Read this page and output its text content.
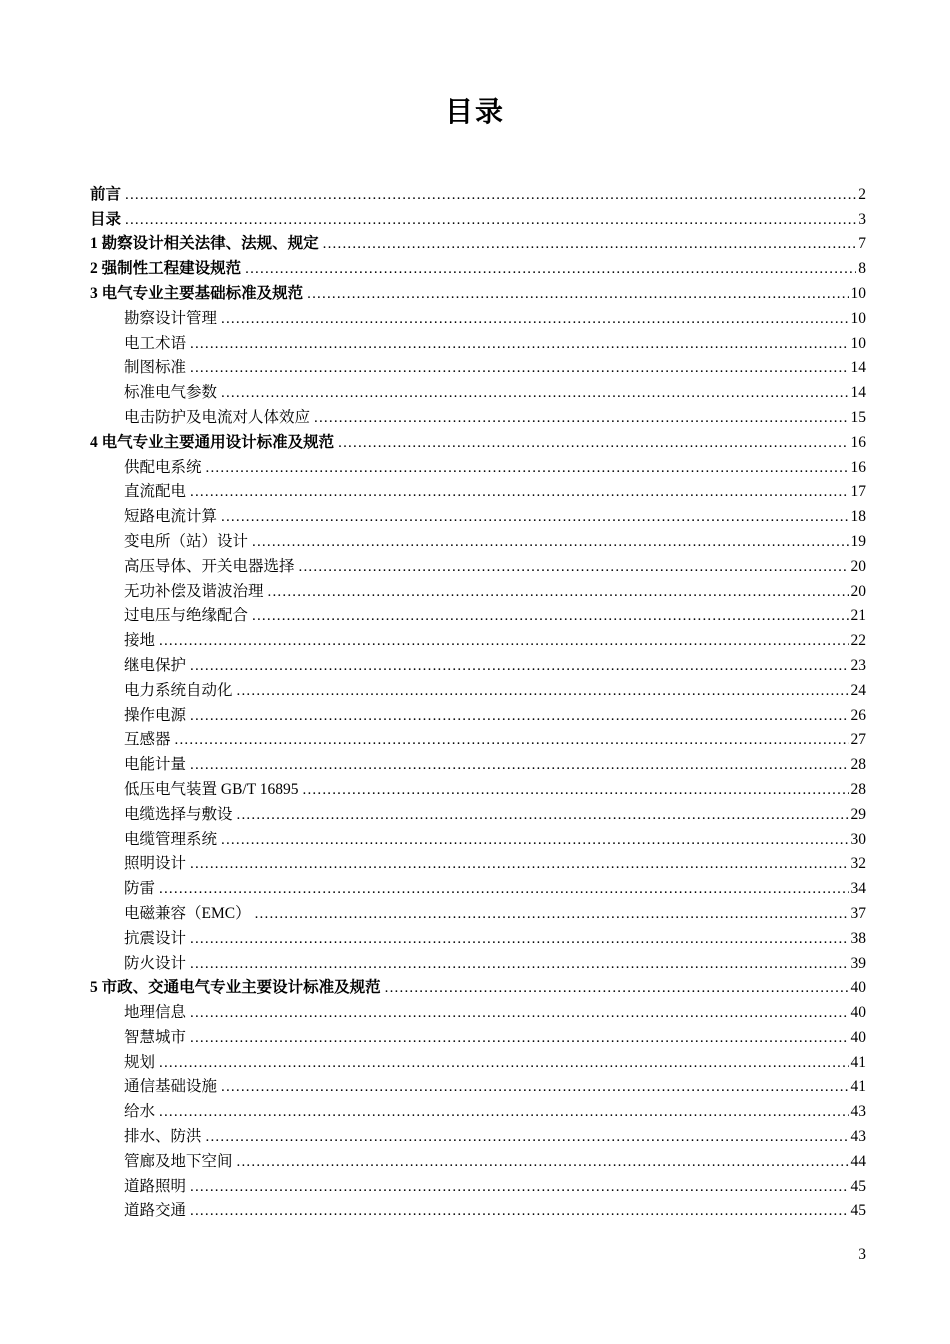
目录
前言 .....	2
目录 .....	3
1 勘察设计相关法律、法规、规定 .....	7
2 强制性工程建设规范 .....	8
3 电气专业主要基础标准及规范 .....	10
勘察设计管理 .....	10
电工术语 .....	10
制图标准 .....	14
标准电气参数 .....	14
电击防护及电流对人体效应 .....	15
4 电气专业主要通用设计标准及规范 .....	16
供配电系统 .....	16
直流配电 .....	17
短路电流计算 .....	18
变电所（站）设计 .....	19
高压导体、开关电器选择 .....	20
无功补偿及谐波治理 .....	20
过电压与绝缘配合 .....	21
接地 .....	22
继电保护 .....	23
电力系统自动化 .....	24
操作电源 .....	26
互感器 .....	27
电能计量 .....	28
低压电气装置 GB/T 16895 .....	28
电缆选择与敷设 .....	29
电缆管理系统 .....	30
照明设计 .....	32
防雷 .....	34
电磁兼容（EMC） .....	37
抗震设计 .....	38
防火设计 .....	39
5 市政、交通电气专业主要设计标准及规范 .....	40
地理信息 .....	40
智慧城市 .....	40
规划 .....	41
通信基础设施 .....	41
给水 .....	43
排水、防洪 .....	43
管廊及地下空间 .....	44
道路照明 .....	45
道路交通 .....	45
3
